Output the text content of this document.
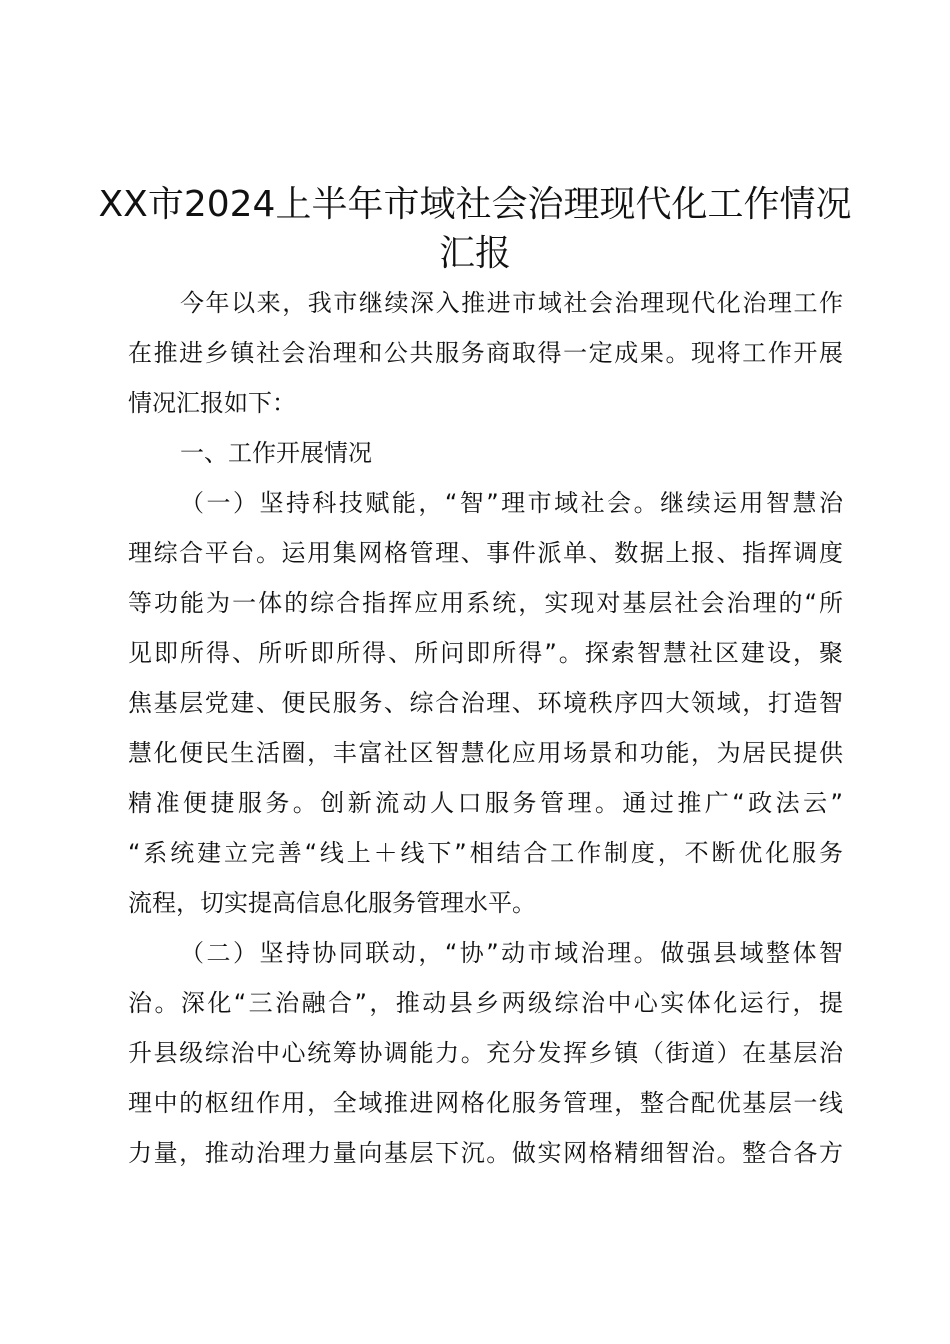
XX市2024上半年市域社会治理现代化工作情况
汇报
今年以来，我市继续深入推进市域社会治理现代化治理工作
在推进乡镇社会治理和公共服务商取得一定成果。现将工作开展
情况汇报如下：
一、工作开展情况
（一）坚持科技赋能，“智”理市域社会。继续运用智慧治
理综合平台。运用集网格管理、事件派单、数据上报、指挥调度
等功能为一体的综合指挥应用系统，实现对基层社会治理的“所
见即所得、所听即所得、所问即所得”。探索智慧社区建设，聚
焦基层党建、便民服务、综合治理、环境秩序四大领域，打造智
慧化便民生活圈，丰富社区智慧化应用场景和功能，为居民提供
精准便捷服务。创新流动人口服务管理。通过推广“政法云”
“系统建立完善“线上＋线下”相结合工作制度，不断优化服务
流程，切实提高信息化服务管理水平。
（二）坚持协同联动，“协”动市域治理。做强县域整体智
治。深化“三治融合”，推动县乡两级综治中心实体化运行，提
升县级综治中心统筹协调能力。充分发挥乡镇（街道）在基层治
理中的枢纽作用，全域推进网格化服务管理，整合配优基层一线
力量，推动治理力量向基层下沉。做实网格精细智治。整合各方
